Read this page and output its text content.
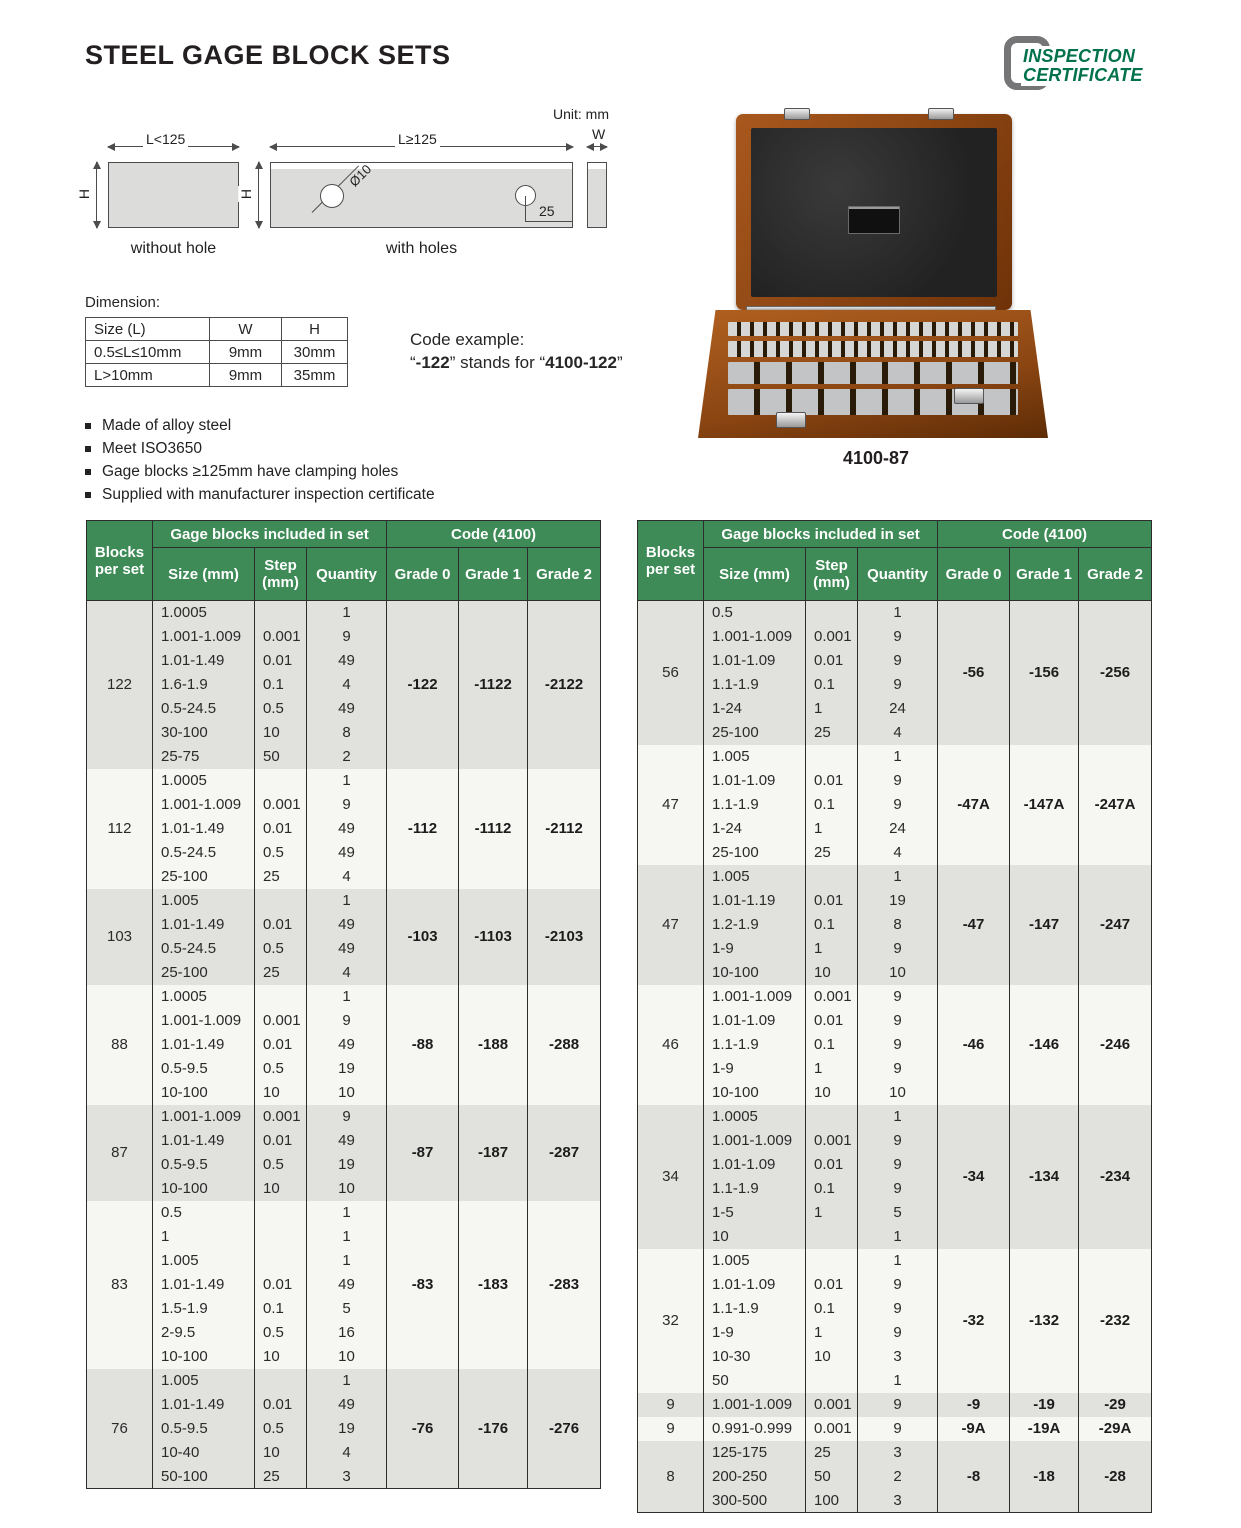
STEEL GAGE BLOCK SETS	INSPECTION
CERTIFICATE
Unit: mm
L<125
H
without hole
L≥125
H
Ø10
25
with holes
W
Dimension:
Size (L)	W	H
0.5≤L≤10mm	9mm	30mm
L>10mm	9mm	35mm
Code example:
“-122” stands for “4100-122”
Made of alloy steel
Meet ISO3650
Gage blocks ≥125mm have clamping holes
Supplied with manufacturer inspection certificate
4100-87
Blocks per set	Gage blocks included in set			Code (4100)		
	Size (mm)	Step (mm)	Quantity	Grade 0	Grade 1	Grade 2
122	1.0005		1	-122	-1122	-2122
	1.001-1.009	0.001	9			
	1.01-1.49	0.01	49			
	1.6-1.9	0.1	4			
	0.5-24.5	0.5	49			
	30-100	10	8			
	25-75	50	2			
112	1.0005		1	-112	-1112	-2112
	1.001-1.009	0.001	9			
	1.01-1.49	0.01	49			
	0.5-24.5	0.5	49			
	25-100	25	4			
103	1.005		1	-103	-1103	-2103
	1.01-1.49	0.01	49			
	0.5-24.5	0.5	49			
	25-100	25	4			
88	1.0005		1	-88	-188	-288
	1.001-1.009	0.001	9			
	1.01-1.49	0.01	49			
	0.5-9.5	0.5	19			
	10-100	10	10			
87	1.001-1.009	0.001	9	-87	-187	-287
	1.01-1.49	0.01	49			
	0.5-9.5	0.5	19			
	10-100	10	10			
83	0.5		1	-83	-183	-283
	1		1			
	1.005		1			
	1.01-1.49	0.01	49			
	1.5-1.9	0.1	5			
	2-9.5	0.5	16			
	10-100	10	10			
76	1.005		1	-76	-176	-276
	1.01-1.49	0.01	49			
	0.5-9.5	0.5	19			
	10-40	10	4			
	50-100	25	3			
Blocks per set	Gage blocks included in set			Code (4100)		
	Size (mm)	Step (mm)	Quantity	Grade 0	Grade 1	Grade 2
56	0.5		1	-56	-156	-256
	1.001-1.009	0.001	9			
	1.01-1.09	0.01	9			
	1.1-1.9	0.1	9			
	1-24	1	24			
	25-100	25	4			
47	1.005		1	-47A	-147A	-247A
	1.01-1.09	0.01	9			
	1.1-1.9	0.1	9			
	1-24	1	24			
	25-100	25	4			
47	1.005		1	-47	-147	-247
	1.01-1.19	0.01	19			
	1.2-1.9	0.1	8			
	1-9	1	9			
	10-100	10	10			
46	1.001-1.009	0.001	9	-46	-146	-246
	1.01-1.09	0.01	9			
	1.1-1.9	0.1	9			
	1-9	1	9			
	10-100	10	10			
34	1.0005		1	-34	-134	-234
	1.001-1.009	0.001	9			
	1.01-1.09	0.01	9			
	1.1-1.9	0.1	9			
	1-5	1	5			
	10		1			
32	1.005		1	-32	-132	-232
	1.01-1.09	0.01	9			
	1.1-1.9	0.1	9			
	1-9	1	9			
	10-30	10	3			
	50		1			
9	1.001-1.009	0.001	9	-9	-19	-29
9	0.991-0.999	0.001	9	-9A	-19A	-29A
8	125-175	25	3	-8	-18	-28
	200-250	50	2			
	300-500	100	3			
